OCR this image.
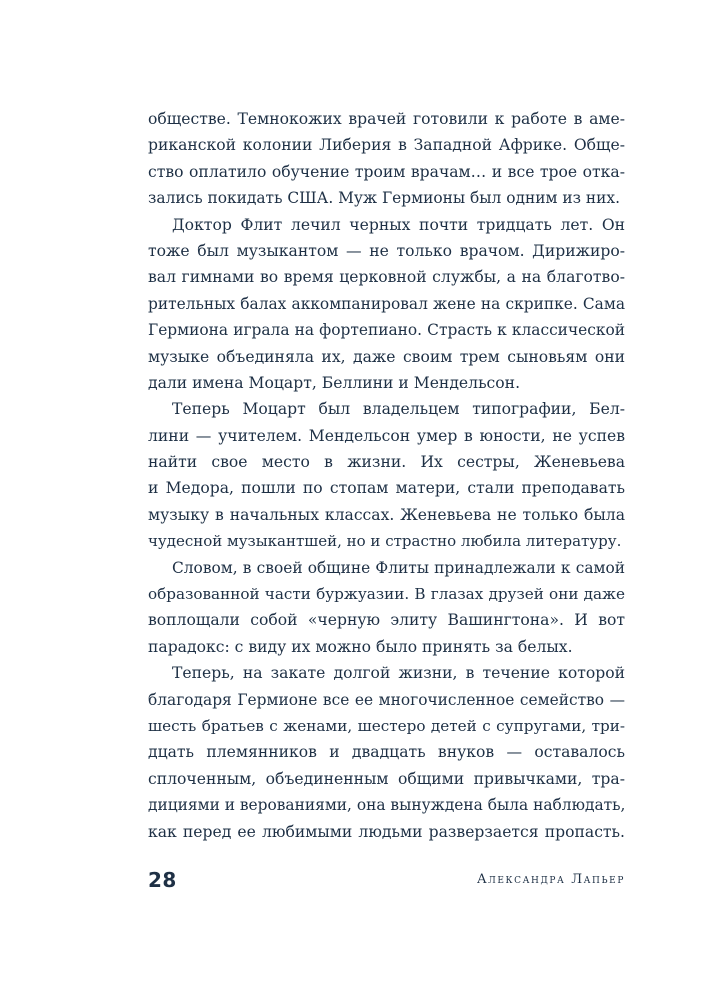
обществе. Темнокожих врачей готовили к работе в аме-
риканской колонии Либерия в Западной Африке. Обще-
ство оплатило обучение троим врачам… и все трое отка-
зались покидать США. Муж Гермионы был одним из них.
Доктор Флит лечил черных почти тридцать лет. Он
тоже был музыкантом — не только врачом. Дирижиро-
вал гимнами во время церковной службы, а на благотво-
рительных балах аккомпанировал жене на скрипке. Сама
Гермиона играла на фортепиано. Страсть к классической
музыке объединяла их, даже своим трем сыновьям они
дали имена Моцарт, Беллини и Мендельсон.
Теперь Моцарт был владельцем типографии, Бел-
лини — учителем. Мендельсон умер в юности, не успев
найти свое место в жизни. Их сестры, Женевьева
и Медора, пошли по стопам матери, стали преподавать
музыку в начальных классах. Женевьева не только была
чудесной музыкантшей, но и страстно любила литературу.
Словом, в своей общине Флиты принадлежали к самой
образованной части буржуазии. В глазах друзей они даже
воплощали собой «черную элиту Вашингтона». И вот
парадокс: с виду их можно было принять за белых.
Теперь, на закате долгой жизни, в течение которой
благодаря Гермионе все ее многочисленное семейство —
шесть братьев с женами, шестеро детей с супругами, три-
дцать племянников и двадцать внуков — оставалось
сплоченным, объединенным общими привычками, тра-
дициями и верованиями, она вынуждена была наблюдать,
как перед ее любимыми людьми разверзается пропасть.
28	Александра Лапьер
